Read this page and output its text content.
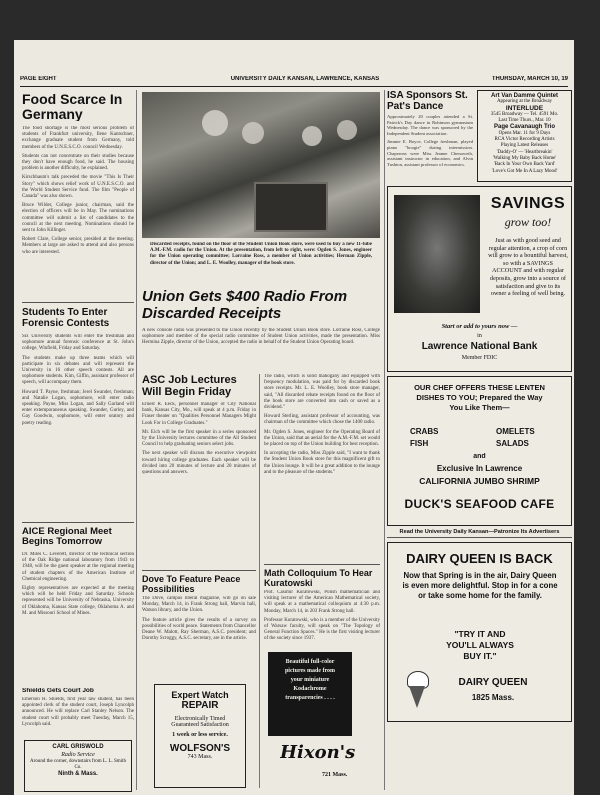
PAGE EIGHT	UNIVERSITY DAILY KANSAN, LAWRENCE, KANSAS	THURSDAY, MARCH 10, 19
Food Scarce In Germany

The food shortage is the most serious problem of students of Frankfurt university, Ilene Kantschner, exchange graduate student from Germany, told members of the U.N.E.S.C.O. council Wednesday.

Students can not concentrate on their studies because they don't have enough food, he said. The housing problem is another difficulty, he explained.

Kirschbaum's talk preceded the movie "This Is Their Story" which shows relief work of U.N.E.S.C.O. and the World Student Service fund. The film "People of Canada" was also shown.

Bruce Wilder, College junior, chairman, said the election of officers will be in May. The nominations committee will submit a list of candidates to the council at the next meeting. Nominations should be sent to John Killinger.

Robert Clare, College senior, presided at the meeting. Members at large are asked to attend and also persons who are interested.

Students To Enter Forensic Contests

Six University students will enter the freshman and sophomore annual forensic conference at St. John's college, Winfield, Friday and Saturday.

The students make up three teams which will participate in six debates and will represent the University in 16 other speech contests. All are sophomore students. Kim, Giffin, assistant professor of speech, will accompany them.

Howard T. Payne, freshman; Jerel Swander, freshman; and Natalie Logan, sophomore, will enter radio speaking. Payne, Miss Logan, and Sally Garland will enter extemporaneous speaking. Swander, Gurley, and Gay Goodwin, sophomore, will enter oratory and poetry reading.

AICE Regional Meet Begins Tomorrow

Dr. Miles C. Leverett, director of the technical section of the Oak Ridge national laboratory from 1943 to 1948, will be the guest speaker at the regional meeting of student chapters of the American Institute of Chemical engineering.

Eighty representatives are expected at the meeting which will be held Friday and Saturday. Schools represented will be University of Nebraska, University of Oklahoma, Kansas State college, Oklahoma A. and M. and Missouri School of Mines.

Shields Gets Court Job

Emerson H. Shields, first year law student, has been appointed clerk of the student court, Joseph Lyncolph announced. He will replace Carl Stanley Nelson. The student court will probably meet Tuesday, March 15, Lyncolph said.

CARL GRISWOLD
Radio Service
Around the corner, downstairs from L. L. Smith Co.
Ninth & Mass.
Discarded receipts, found on the floor of the Student Union Book store, were used to buy a new 11-tube A.M.-F.M. radio for the Union. At the presentation, from left to right, were: Ogden S. Jones, engineer for the Union operating committee; Lorraine Ross, a member of Union activities; Herman Zipple, director of the Union; and L. E. Woolley, manager of the book store.
Union Gets $400 Radio From Discarded Receipts
A new console radio was presented to the Union recently by the Student Union Book store. Lorraine Ross, College sophomore and member of the special radio committee of Student Union activities, made the presentation. Miss Hermina Zipple, director of the Union, accepted the radio in behalf of the Student Union Operating board.
ASC Job Lectures Will Begin Friday

Ernest R. Eeck, personnel manager of City National bank, Kansas City, Mo., will speak at 4 p.m. Friday in Fraser theater on "Qualities Personnel Managers Might Look For in College Graduates."

Mr. Eich will be the first speaker in a series sponsored by the University lectures committee of the All Student Council to help graduating seniors select jobs.

The next speaker will discuss the executive viewpoint toward hiring college graduates. Each speaker will be divided into 20 minutes of lecture and 20 minutes of questions and answers.

Dove To Feature Peace Possibilities

The Dove, campus liberal magazine, will go on sale Monday, March 14, in Frank Strong hall, Marvin hall, Watson library, and the Union.

The feature article gives the results of a survey on possibilities of world peace. Statements from Chancellor Deane W. Malott, Ray Sherman, A.S.C. president; and Dorothy Scroggy, A.S.C. secretary, are in the article.

Expert Watch
REPAIR
Electronically Timed
Guaranteed Satisfaction
1 week or less service.
WOLFSON'S
743 Mass.

The radio, which is solid mahogany and equipped with frequency modulation, was paid for by discarded book store receipts. Mr. L. E. Woolley, book store manager, said, "All discarded rebate receipts found on the floor of the book store are converted into cash or saved as a dividend."

Howard Sterling, assistant professor of accounting, was chairman of the committee which chose the 1400 radio.

Mr. Ogden S. Jones, engineer for the Operating Board of the Union, said that an aerial for the A.M.-F.M. set would be placed on top of the Union building for best reception.

In accepting the radio, Miss Zipple said, "I want to thank the Student Union Book store for this magnificent gift to the Union lounge. It will be a great addition to the lounge and to the pleasure of the students."

Math Colloquium To Hear Kuratowski

Prof. Casimir Kuratowski, Polish mathematician and visiting lecturer of the American Mathematical society, will speak at a mathematical colloquium at 4:30 p.m. Monday, March 14, in 203 Frank Strong hall.

Professor Kuratowski, who is a member of the University of Warsaw faculty, will speak on "The Topology of General Function Spaces." He is the first visiting lecturer of the society since 1937.

Beautiful full-color
pictures made from
your miniature
Kodachrome
transparencies . . . .
Hixon's
721 Mass.
ISA Sponsors St. Pat's Dance

Approximately 20 couples attended a St. Patrick's Day dance in Robinson gymnasium Wednesday. The dance was sponsored by the Independent Student association.

Jimmie E. Boyce, College freshman, played piano "boogie" during intermission. Chaperons were Miss Jeanne Chenoweth, assistant instructor in education, and Alvin Tushton, assistant professor of economics.

Art Van Damme Quintet
Appearing at the Broadway
INTERLUDE
3545 Broadway — Tel. 4591 Mo.
Last Time Thurs., Mar. 10
Page Cavanaugh Trio
Opens Mar. 11 for 9 Days
RCA Victor Recording Artists
Playing Latest Releases
'Daddy-O' — 'Heartbreakin'
'Walking My Baby Back Home'
'Back In Your Own Back Yard'
'Love's Got Me In A Lazy Mood'
SAVINGS
grow too!
Just as with good seed and regular attention, a crop of corn will grow to a bountiful harvest, so with a SAVINGS ACCOUNT and with regular deposits, grow into a source of satisfaction and give to its owner a feeling of well being.
Start or add to yours now —
in
Lawrence National Bank
Member FDIC
OUR CHEF OFFERS THESE LENTEN
DISHES TO YOU; Prepared the Way
You Like Them—
CRABS	OMELETS
FISH	SALADS
and
Exclusive In Lawrence
CALIFORNIA JUMBO SHRIMP
DUCK'S SEAFOOD CAFE
Read the University Daily Kansan—Patronize Its Advertisers
DAIRY QUEEN IS BACK
Now that Spring is in the air, Dairy Queen is even more delightful. Stop in for a cone or take some home for the family.
"TRY IT AND
YOU'LL ALWAYS
BUY IT."
DAIRY QUEEN
1825 Mass.
